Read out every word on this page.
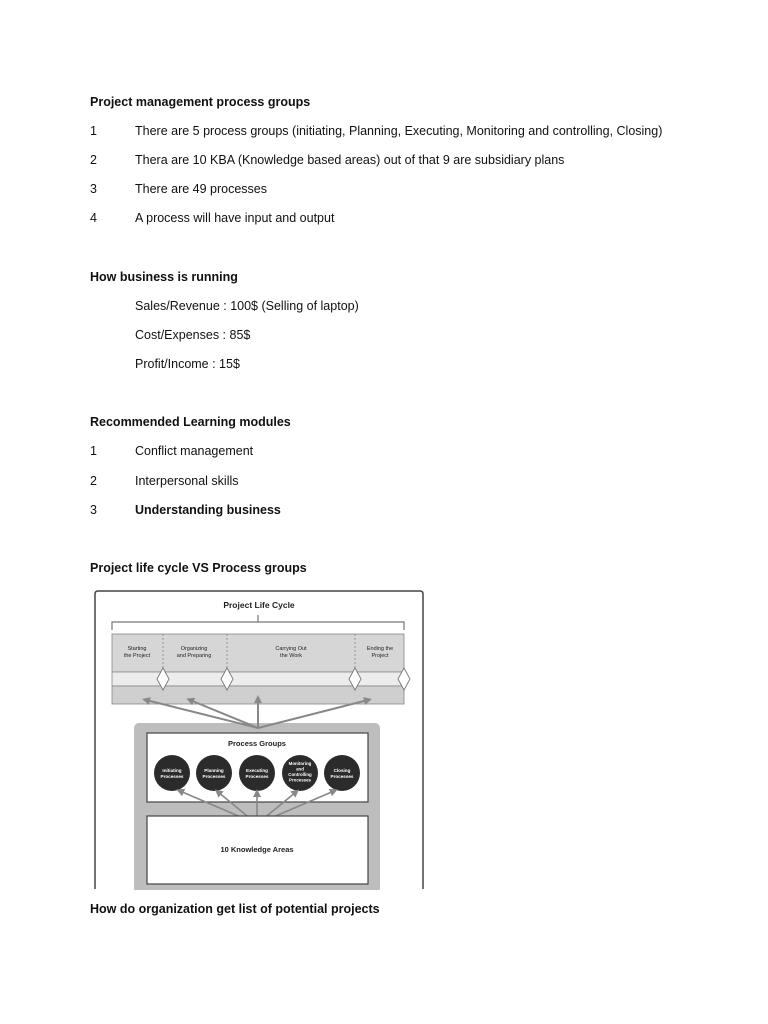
Project management process groups
1	There are 5 process groups (initiating, Planning, Executing, Monitoring and controlling, Closing)
2	Thera are 10 KBA (Knowledge based areas) out of that 9 are subsidiary plans
3	There are 49 processes
4	A process will have input and output
How business is running
Sales/Revenue : 100$ (Selling of laptop)
Cost/Expenses : 85$
Profit/Income : 15$
Recommended Learning modules
1	Conflict management
2	Interpersonal skills
3	Understanding business
Project life cycle VS Process groups
Project Life Cycle
Starting
the Project
Organizing
and Preparing
Carrying Out
the Work
Ending the
Project
Process Groups
Initiating
Processes
Planning
Processes
Executing
Processes
Monitoring
and
Controlling
Processes
Closing
Processes
10 Knowledge Areas
How do organization get list of potential projects
